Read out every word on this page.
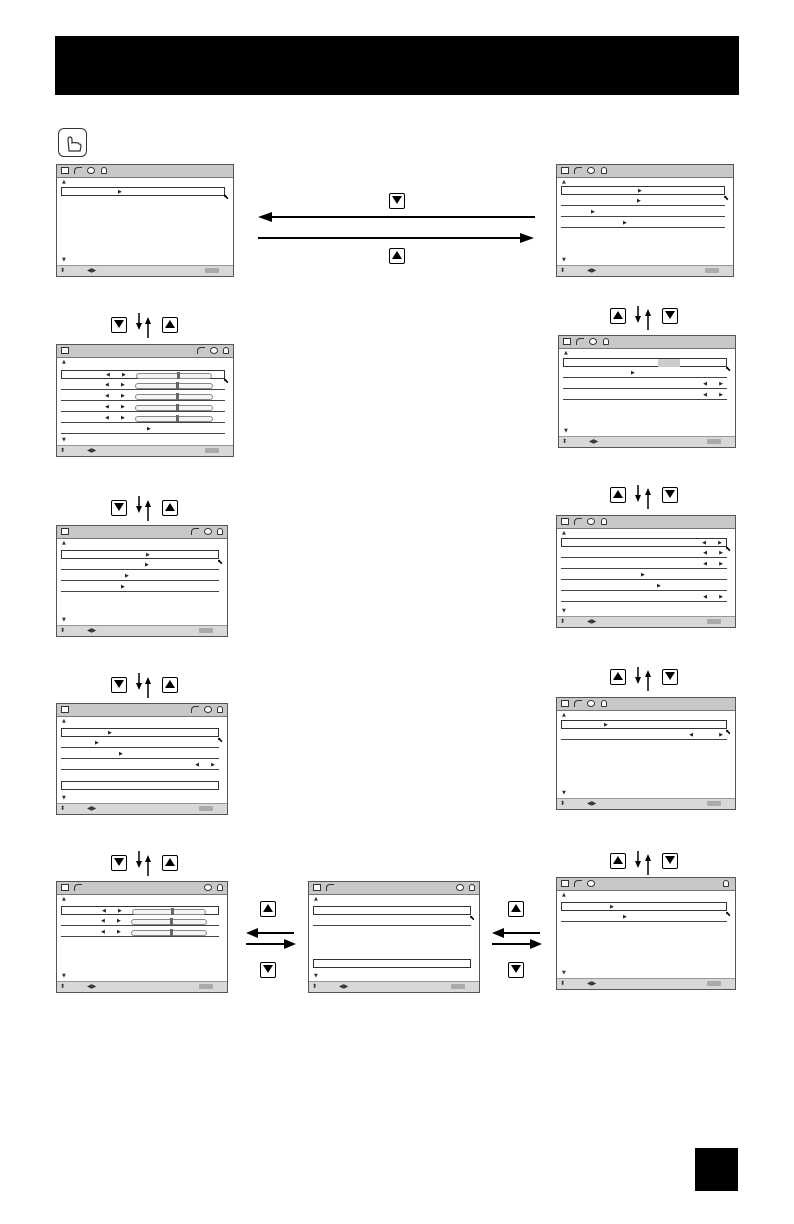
▲
▶
⬉
▼
⬍	◀▶
▲
▶
▶
▶
▶
⬉
▼
⬍	◀▶
▲
◀ ▶
◀ ▶
◀ ▶
◀ ▶
◀ ▶
▶
⬉
▼
⬍	◀▶
▲
▶
◀ ▶
◀ ▶
⬉
▼
⬍	◀▶
▲
▶
▶
▶
▶
⬉
▼
⬍	◀▶
▲
◀ ▶
◀ ▶
◀ ▶
▶
▶
◀ ▶
⬉
▼
⬍	◀▶
▲
▶
▶
▶
◀ ▶
⬉
▼
⬍	◀▶
▲
▶
◀	▶ ⬉
▼
⬍	◀▶
▲
◀ ▶
◀ ▶
◀ ▶
▼
⬍	◀▶
▲
⬉
▼
⬍	◀▶
▲
▶
▶	⬉
▼
⬍	◀▶
